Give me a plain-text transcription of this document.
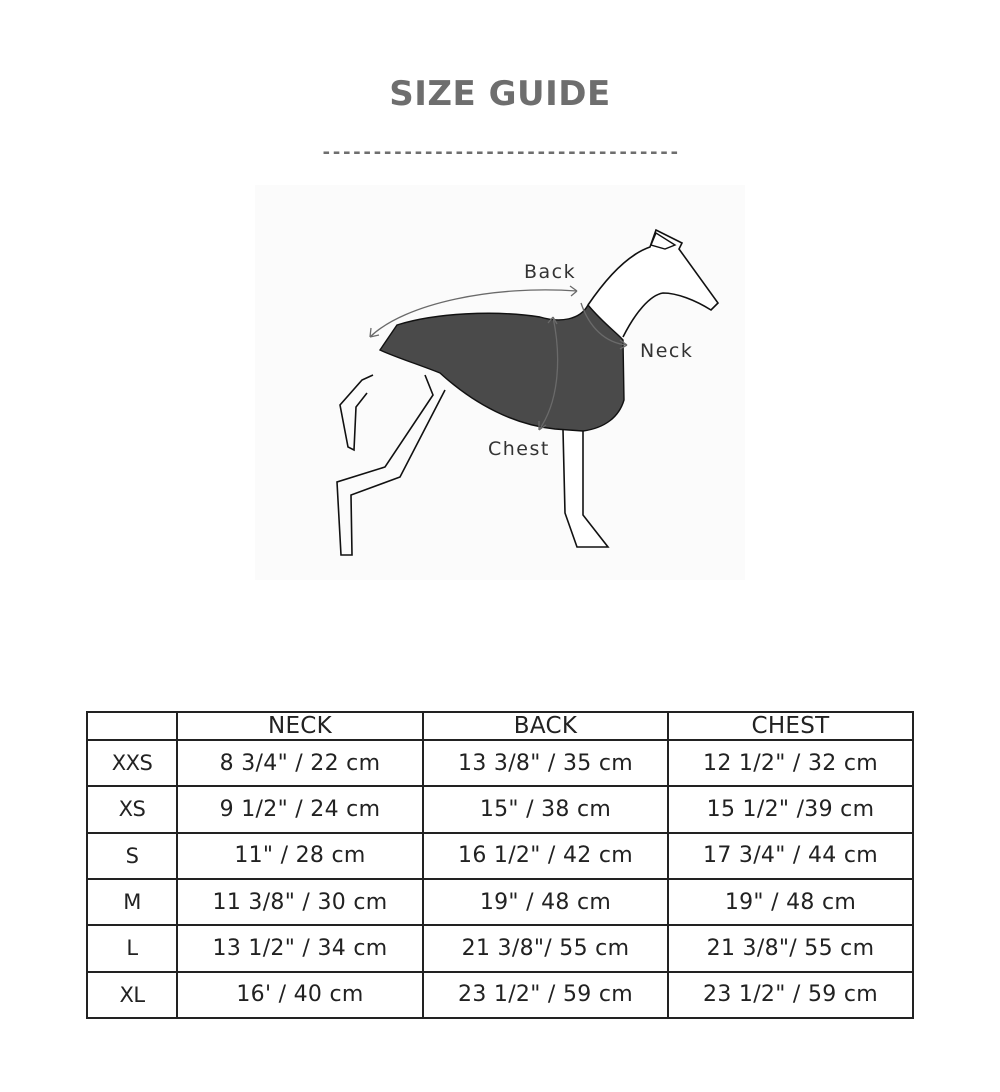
SIZE GUIDE
-----------------------------------
Back
Neck
Chest
	NECK	BACK	CHEST
XXS	8 3/4" / 22 cm	13 3/8" / 35 cm	12 1/2" / 32 cm
XS	9 1/2" / 24 cm	15" / 38 cm	15 1/2" /39 cm
S	11" / 28 cm	16 1/2" / 42 cm	17 3/4" / 44 cm
M	11 3/8" / 30 cm	19" / 48 cm	19" / 48 cm
L	13 1/2" / 34 cm	21 3/8"/ 55 cm	21 3/8"/ 55 cm
XL	16' / 40 cm	23 1/2" / 59 cm	23 1/2" / 59 cm
